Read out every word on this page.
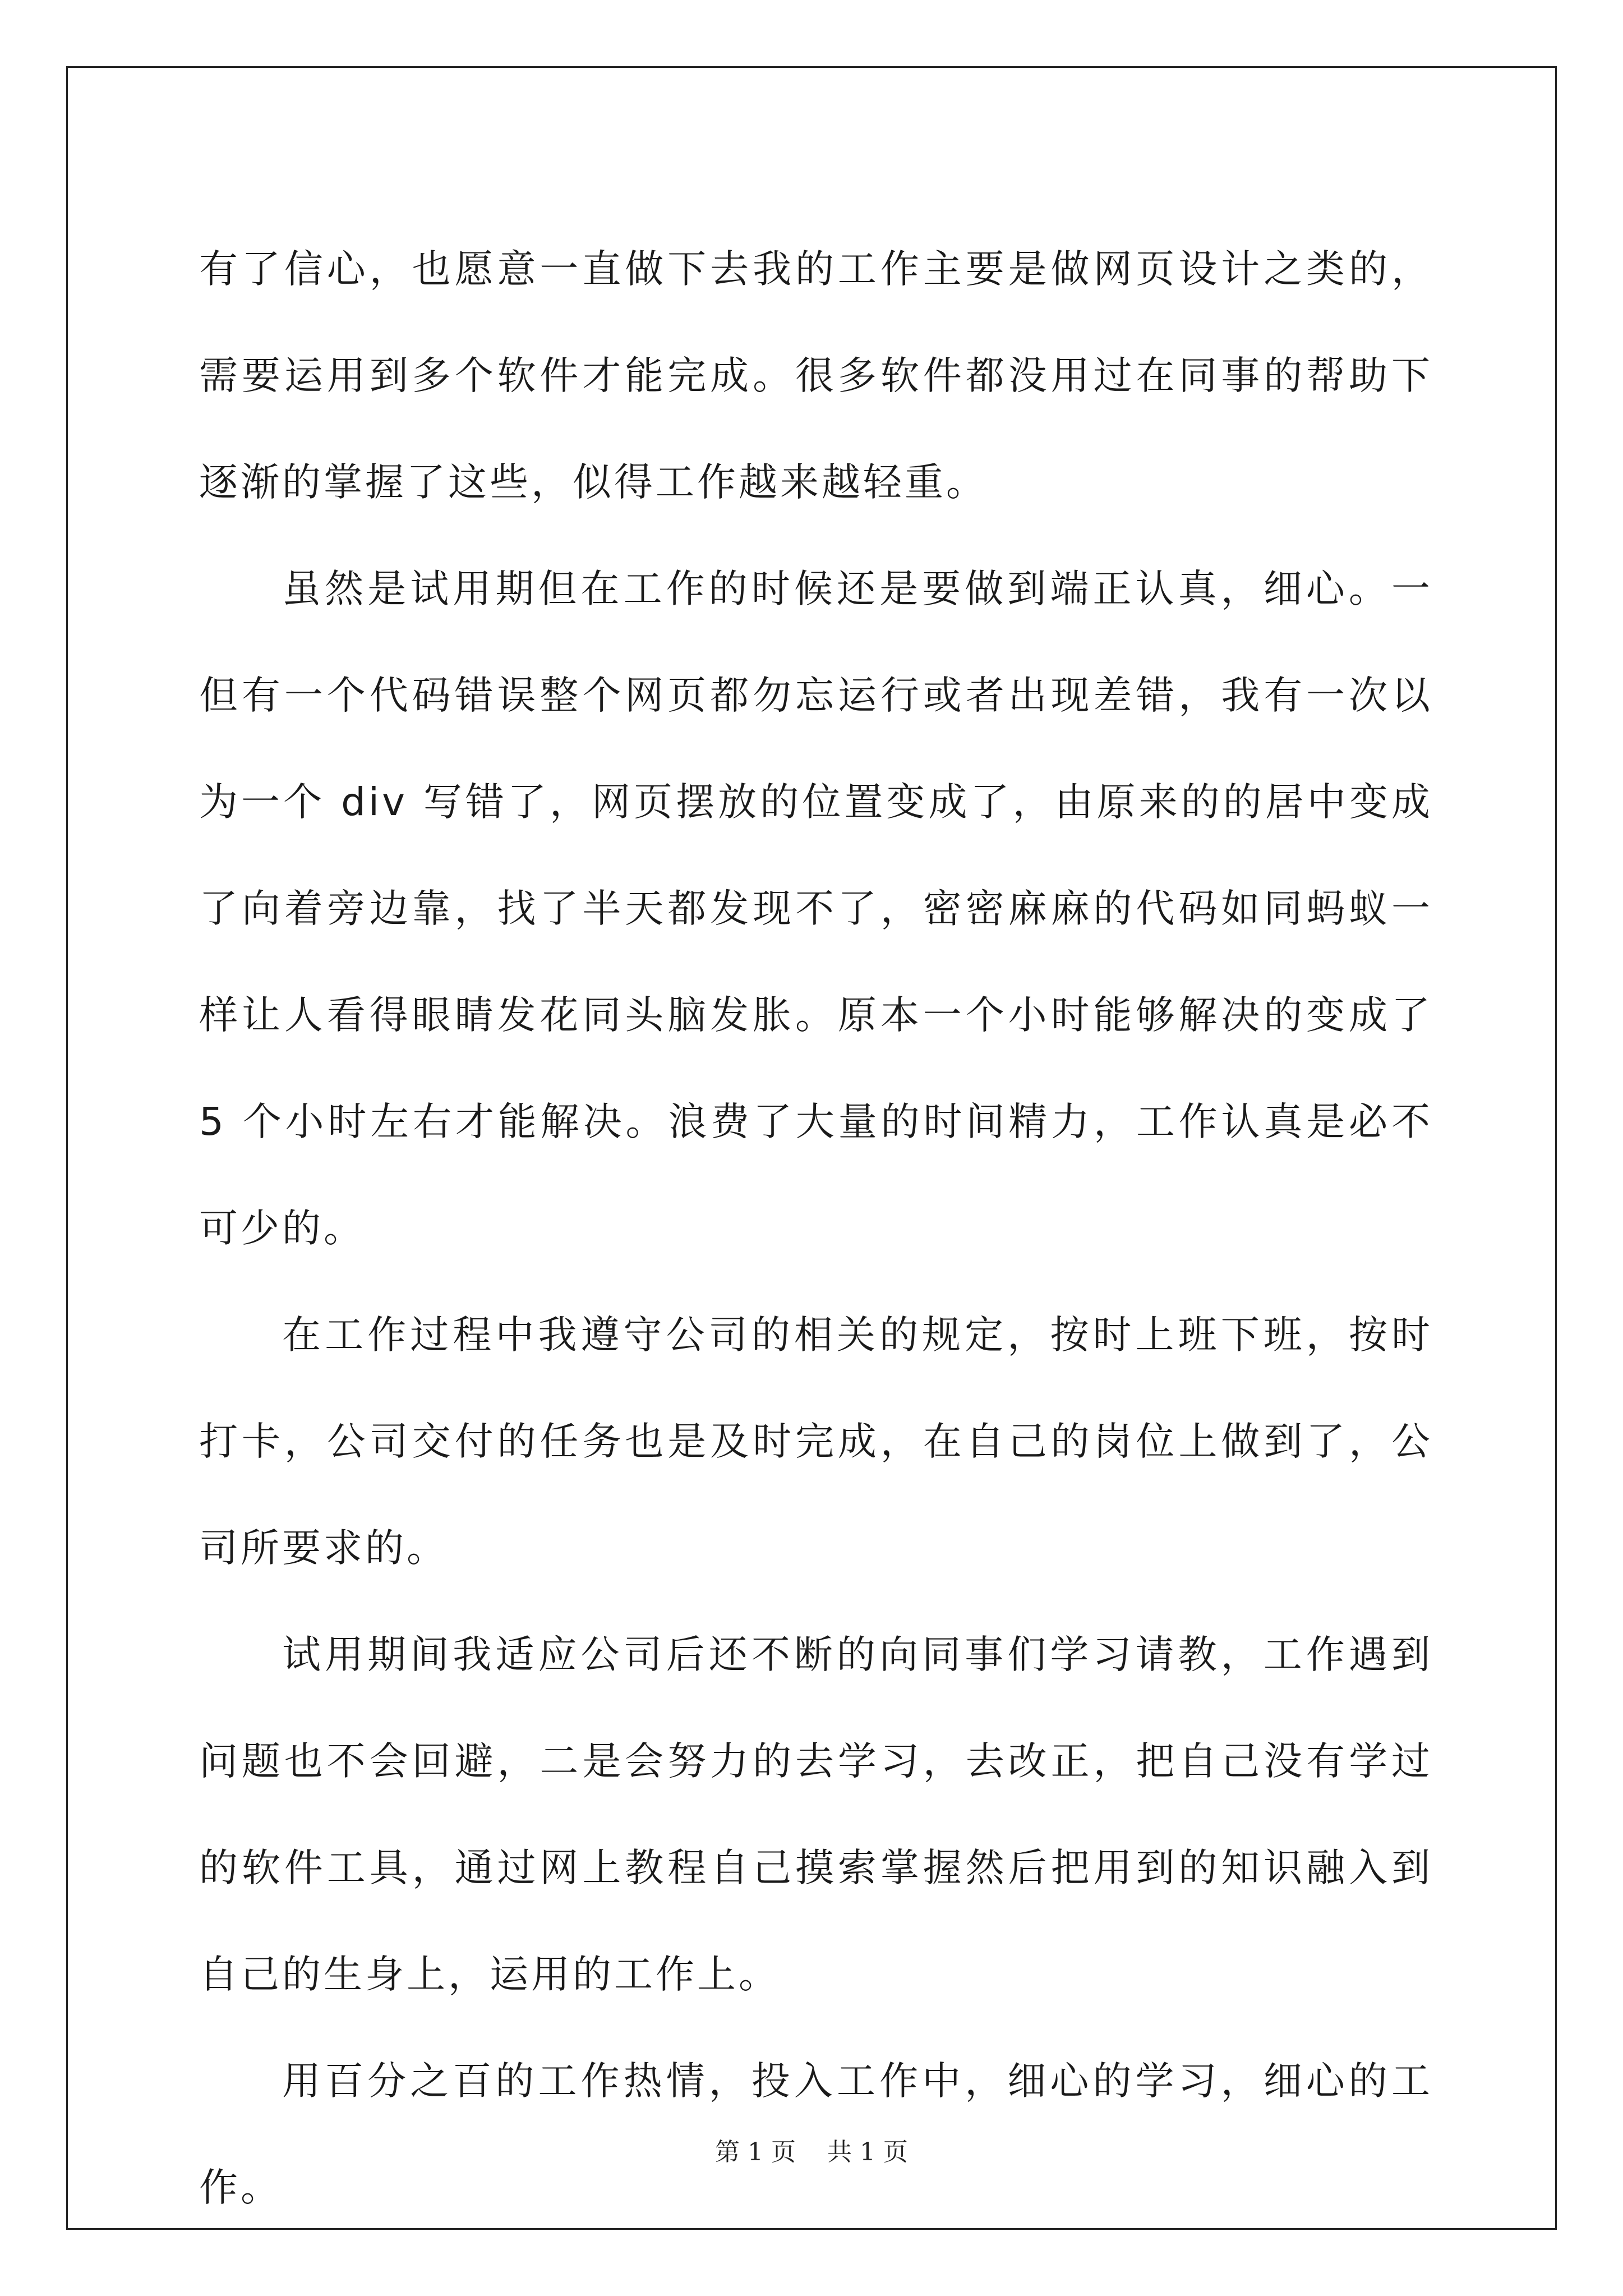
有了信心，也愿意一直做下去我的工作主要是做网页设计之类的，需要运用到多个软件才能完成。很多软件都没用过在同事的帮助下逐渐的掌握了这些，似得工作越来越轻重。

虽然是试用期但在工作的时候还是要做到端正认真，细心。一但有一个代码错误整个网页都勿忘运行或者出现差错，我有一次以为一个 div 写错了，网页摆放的位置变成了，由原来的的居中变成了向着旁边靠，找了半天都发现不了，密密麻麻的代码如同蚂蚁一样让人看得眼睛发花同头脑发胀。原本一个小时能够解决的变成了 5 个小时左右才能解决。浪费了大量的时间精力，工作认真是必不可少的。

在工作过程中我遵守公司的相关的规定，按时上班下班，按时打卡，公司交付的任务也是及时完成，在自己的岗位上做到了，公司所要求的。

试用期间我适应公司后还不断的向同事们学习请教，工作遇到问题也不会回避，二是会努力的去学习，去改正，把自己没有学过的软件工具，通过网上教程自己摸索掌握然后把用到的知识融入到自己的生身上，运用的工作上。

用百分之百的工作热情，投入工作中，细心的学习，细心的工作。

第 1 页    共 1 页
